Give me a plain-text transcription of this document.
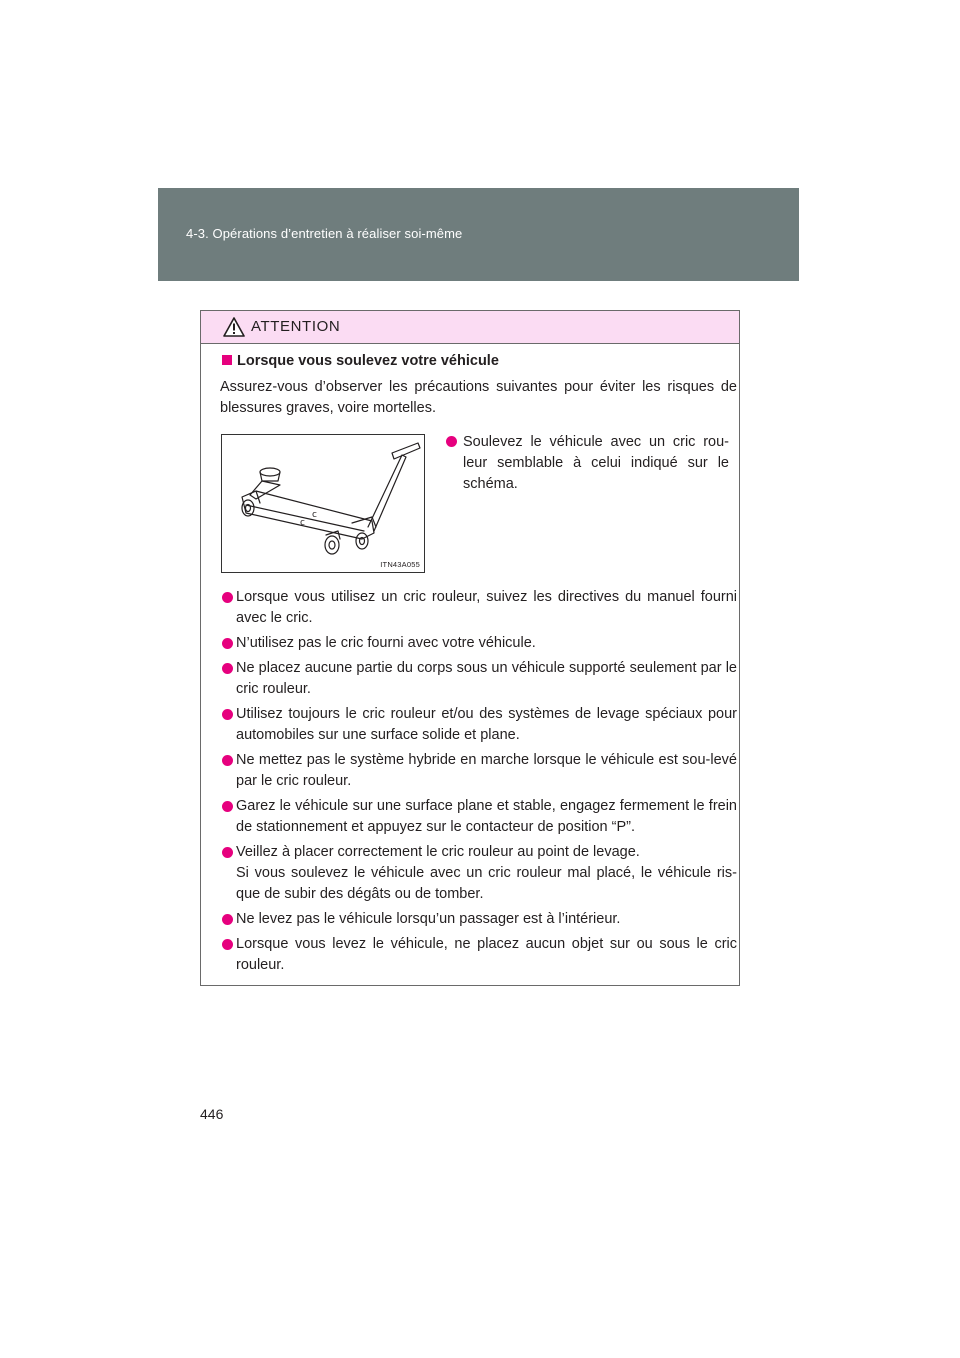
4-3. Opérations d’entretien à réaliser soi-même
ATTENTION
Lorsque vous soulevez votre véhicule
Assurez-vous d’observer les précautions suivantes pour éviter les risques de blessures graves, voire mortelles.
c
c
ITN43A055
Soulevez le véhicule avec un cric rou-leur semblable à celui indiqué sur le schéma.
Lorsque vous utilisez un cric rouleur, suivez les directives du manuel fourni avec le cric.
N’utilisez pas le cric fourni avec votre véhicule.
Ne placez aucune partie du corps sous un véhicule supporté seulement par le cric rouleur.
Utilisez toujours le cric rouleur et/ou des systèmes de levage spéciaux pour automobiles sur une surface solide et plane.
Ne mettez pas le système hybride en marche lorsque le véhicule est sou-levé par le cric rouleur.
Garez le véhicule sur une surface plane et stable, engagez fermement le frein de stationnement et appuyez sur le contacteur de position “P”.
Veillez à placer correctement le cric rouleur au point de levage.
Si vous soulevez le véhicule avec un cric rouleur mal placé, le véhicule ris-que de subir des dégâts ou de tomber.
Ne levez pas le véhicule lorsqu’un passager est à l’intérieur.
Lorsque vous levez le véhicule, ne placez aucun objet sur ou sous le cric rouleur.
446
